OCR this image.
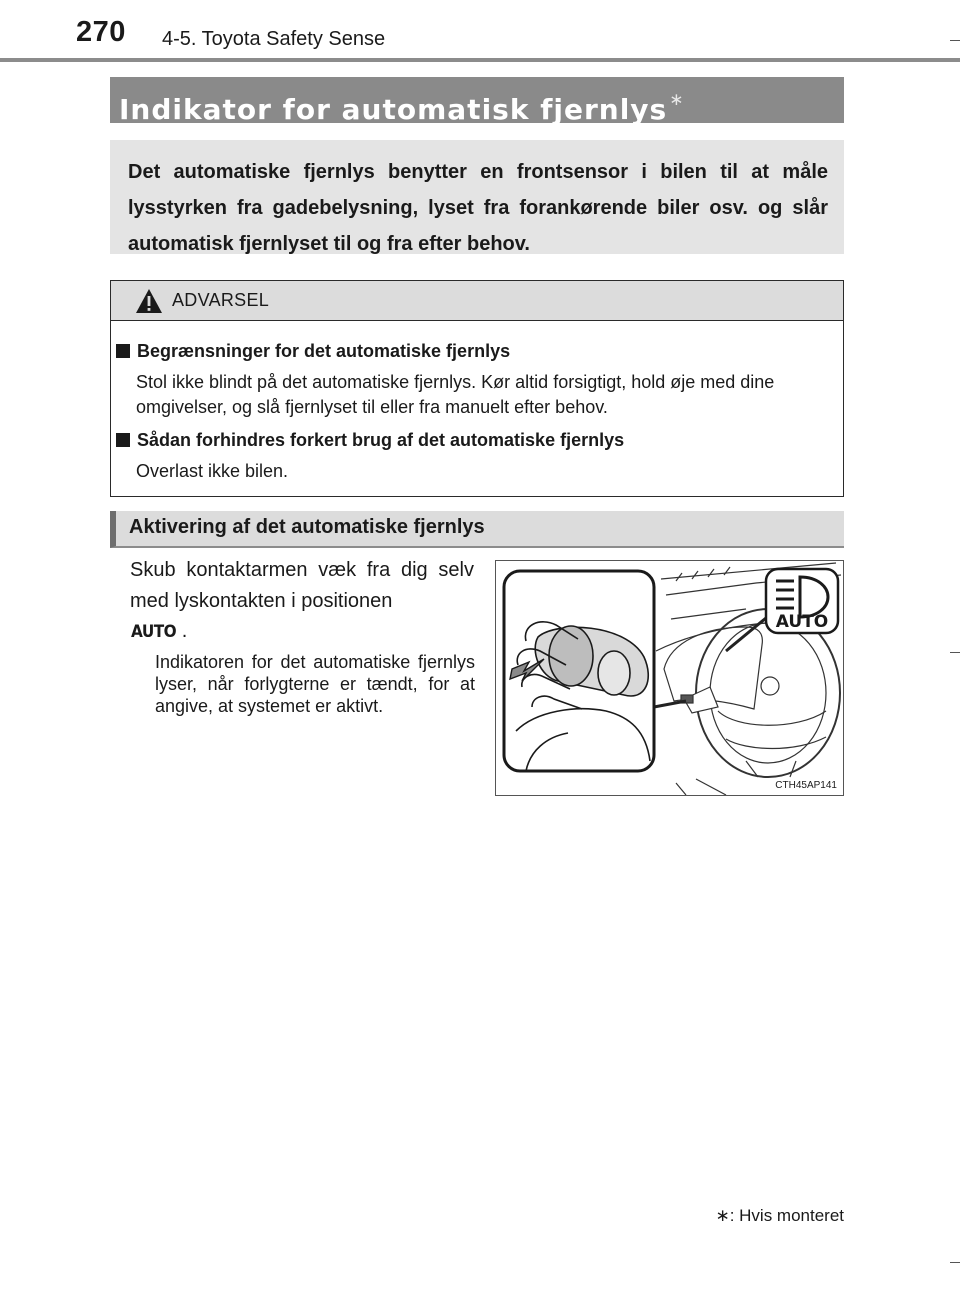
270 4-5. Toyota Safety Sense
Indikator for automatisk fjernlys ∗
Det automatiske fjernlys benytter en frontsensor i bilen til at måle lysstyrken fra gadebelysning, lyset fra forankørende biler osv. og slår automatisk fjernlyset til og fra efter behov.
ADVARSEL
Begrænsninger for det automatiske fjernlys
Stol ikke blindt på det automatiske fjernlys. Kør altid forsigtigt, hold øje med dine omgivelser, og slå fjernlyset til eller fra manuelt efter behov.
Sådan forhindres forkert brug af det automatiske fjernlys
Overlast ikke bilen.
Aktivering af det automatiske fjernlys
Skub kontaktarmen væk fra dig selv med lyskontakten i positionen
AUTO .
Indikatoren for det automatiske fjernlys lyser, når forlygterne er tændt, for at angive, at systemet er aktivt.
AUTO
CTH45AP141
∗: Hvis monteret
